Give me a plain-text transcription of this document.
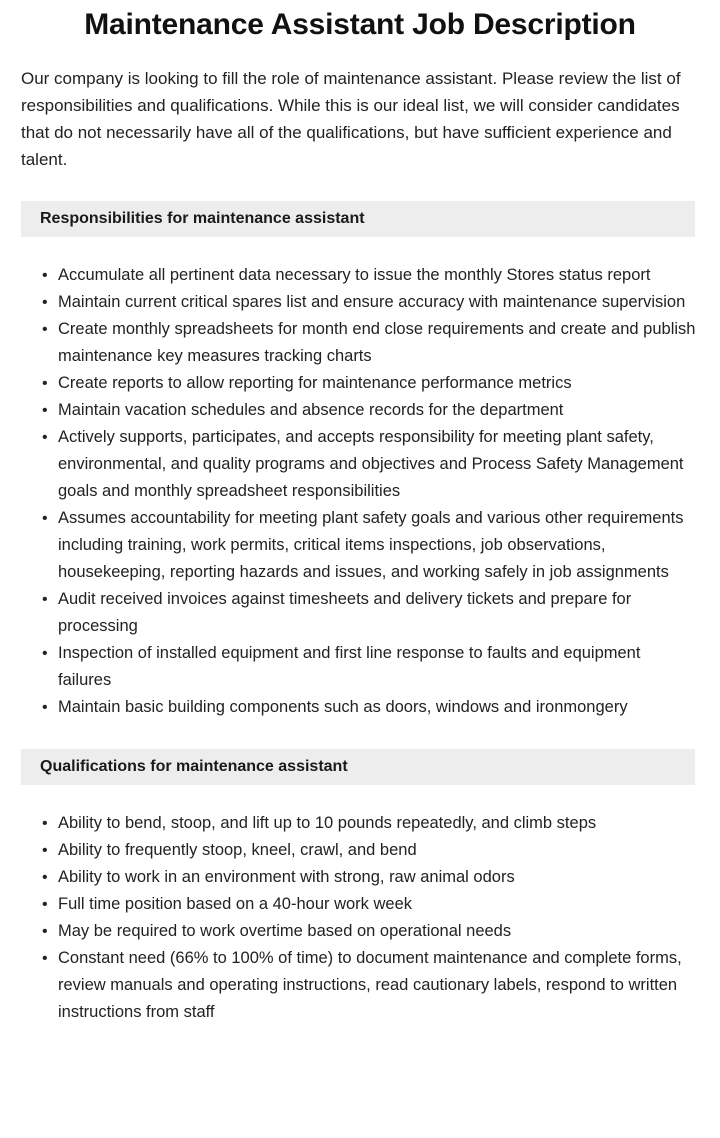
Maintenance Assistant Job Description

Our company is looking to fill the role of maintenance assistant. Please review the list of responsibilities and qualifications. While this is our ideal list, we will consider candidates that do not necessarily have all of the qualifications, but have sufficient experience and talent.

Responsibilities for maintenance assistant
• Accumulate all pertinent data necessary to issue the monthly Stores status report
• Maintain current critical spares list and ensure accuracy with maintenance supervision
• Create monthly spreadsheets for month end close requirements and create and publish maintenance key measures tracking charts
• Create reports to allow reporting for maintenance performance metrics
• Maintain vacation schedules and absence records for the department
• Actively supports, participates, and accepts responsibility for meeting plant safety, environmental, and quality programs and objectives and Process Safety Management goals and monthly spreadsheet responsibilities
• Assumes accountability for meeting plant safety goals and various other requirements including training, work permits, critical items inspections, job observations, housekeeping, reporting hazards and issues, and working safely in job assignments
• Audit received invoices against timesheets and delivery tickets and prepare for processing
• Inspection of installed equipment and first line response to faults and equipment failures
• Maintain basic building components such as doors, windows and ironmongery
Qualifications for maintenance assistant
• Ability to bend, stoop, and lift up to 10 pounds repeatedly, and climb steps
• Ability to frequently stoop, kneel, crawl, and bend
• Ability to work in an environment with strong, raw animal odors
• Full time position based on a 40-hour work week
• May be required to work overtime based on operational needs
• Constant need (66% to 100% of time) to document maintenance and complete forms, review manuals and operating instructions, read cautionary labels, respond to written instructions from staff
